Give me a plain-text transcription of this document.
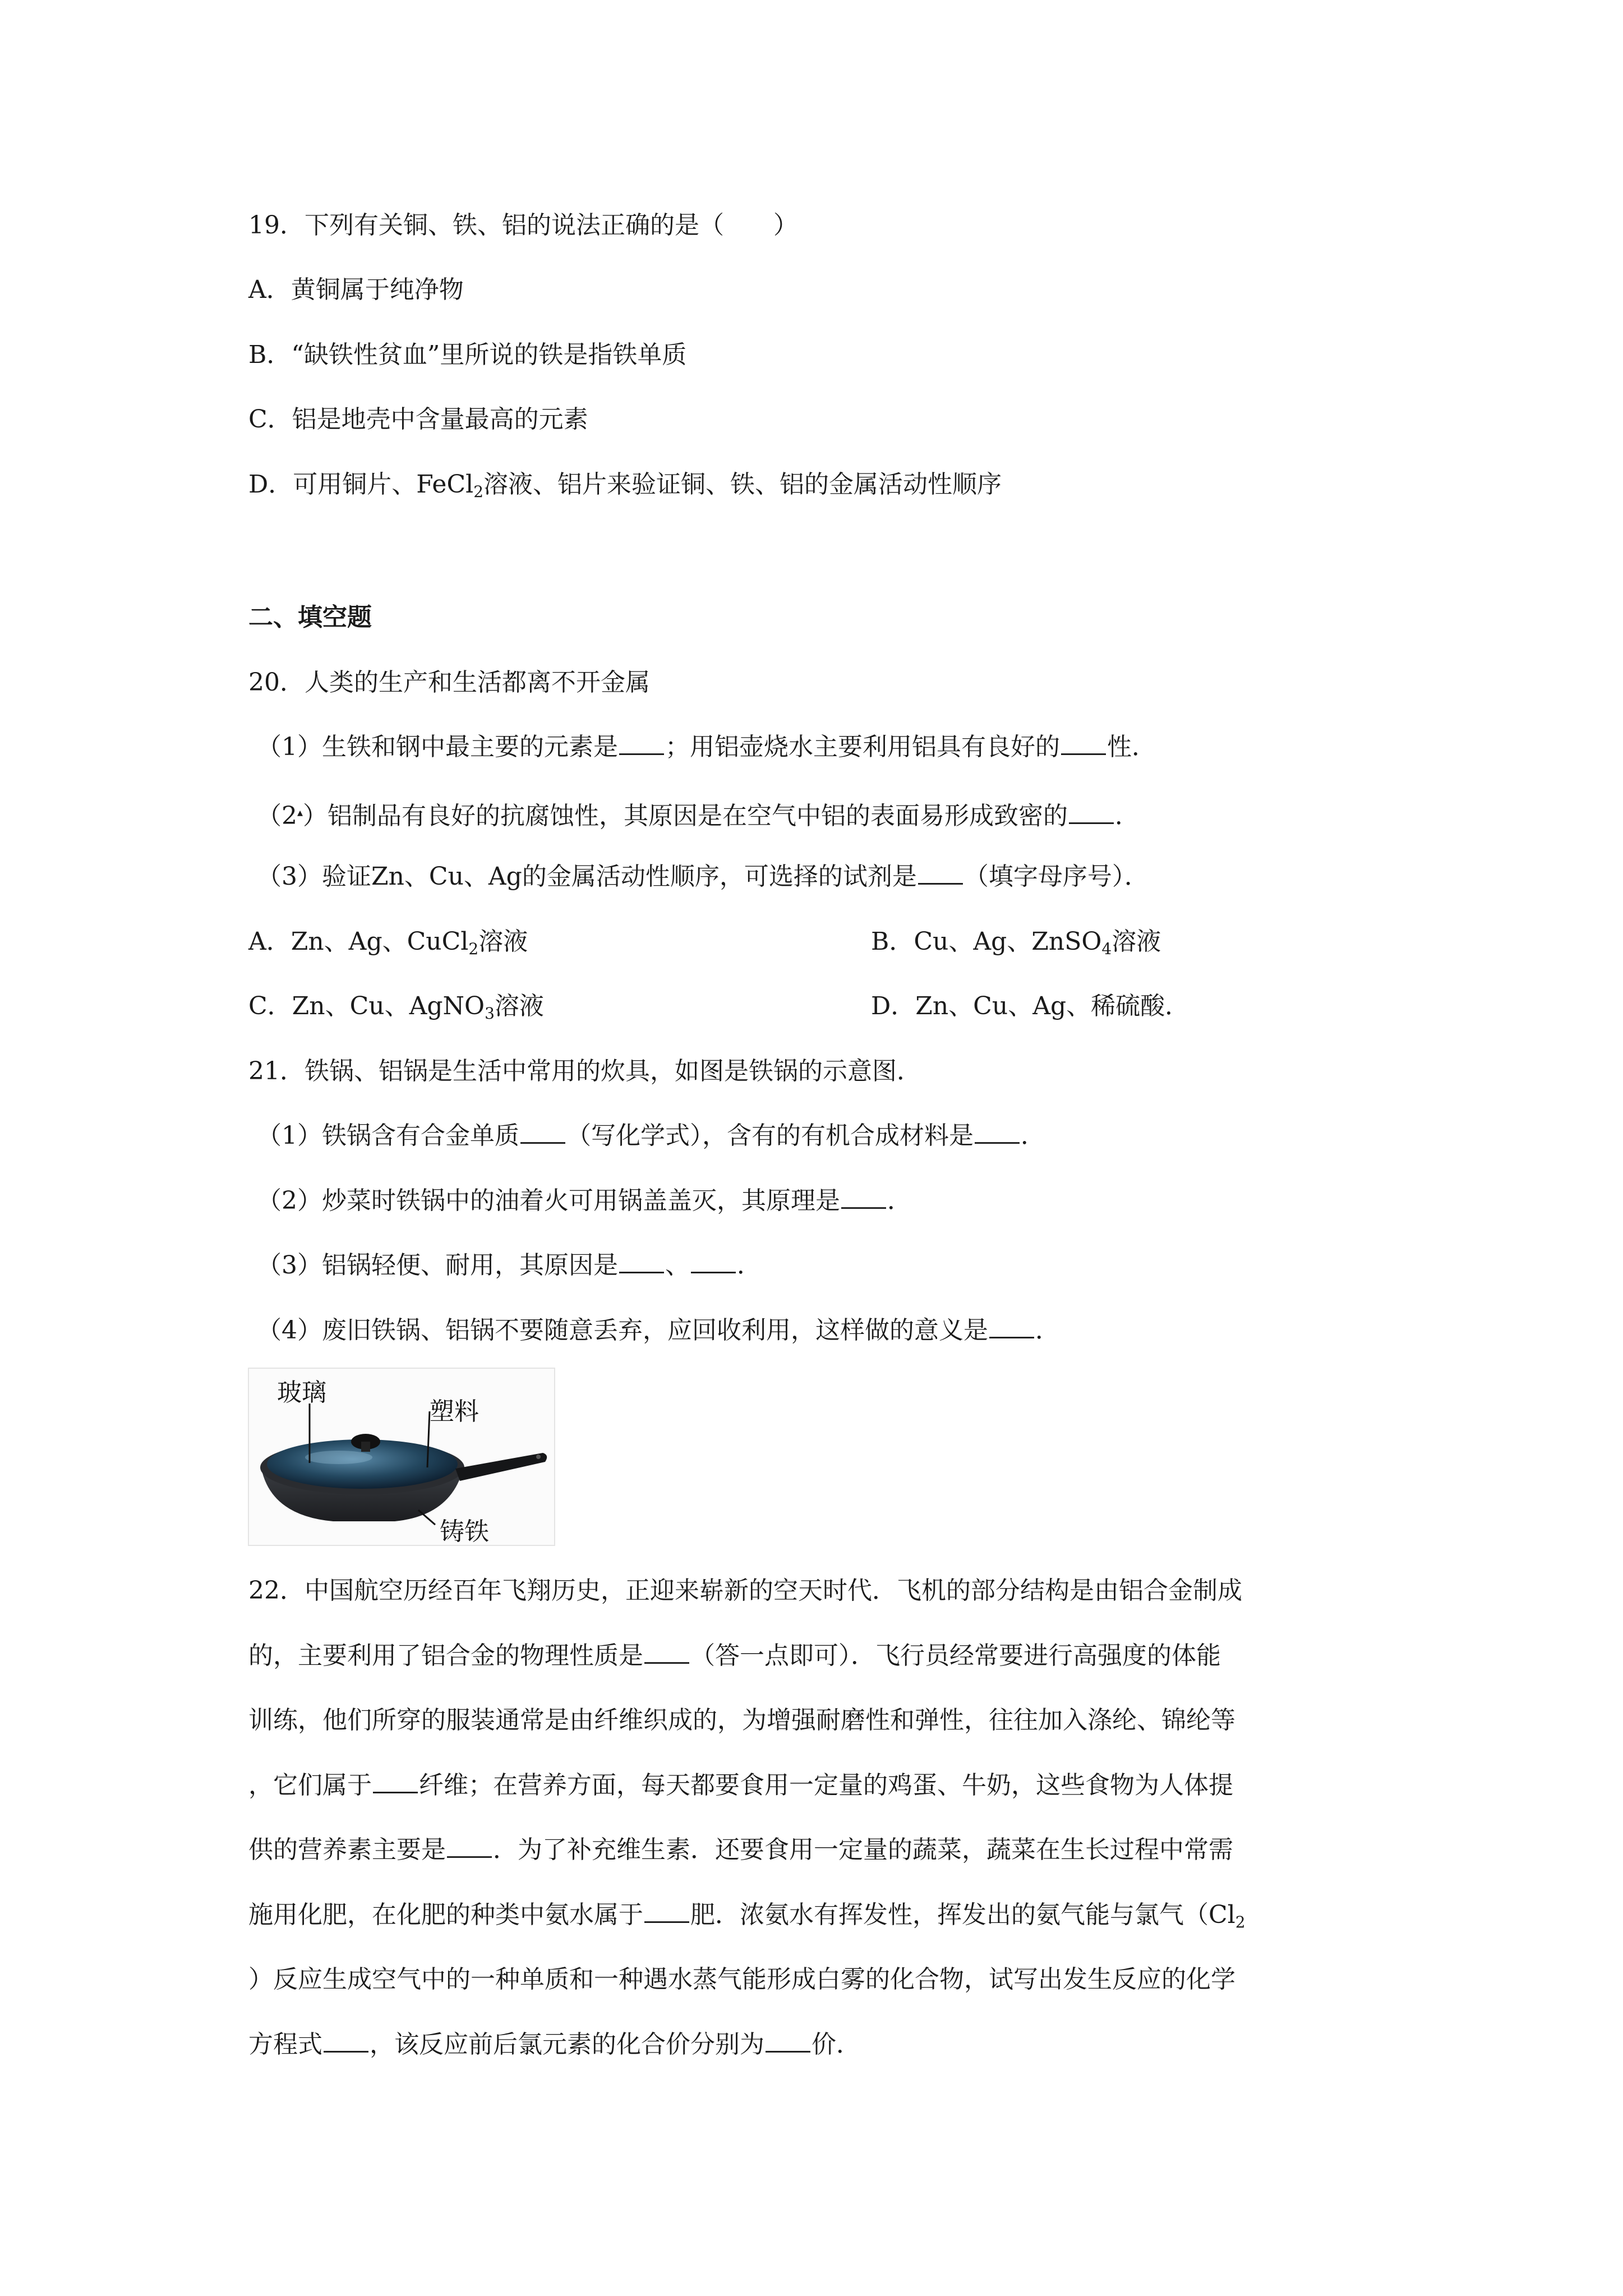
19．下列有关铜、铁、铝的说法正确的是（　　）

A．黄铜属于纯净物

B．“缺铁性贫血”里所说的铁是指铁单质

C．铝是地壳中含量最高的元素

D．可用铜片、FeCl$_2$溶液、铝片来验证铜、铁、铝的金属活动性顺序

二、填空题

20．人类的生产和生活都离不开金属

（1）生铁和钢中最主要的元素是 ；用铝壶烧水主要利用铝具有良好的 性．

（2▴）铝制品有良好的抗腐蚀性，其原因是在空气中铝的表面易形成致密的 ．

（3）验证Zn、Cu、Ag的金属活动性顺序，可选择的试剂是 （填字母序号）．

A．Zn、Ag、CuCl$_2$溶液	B．Cu、Ag、ZnSO$_4$溶液
C．Zn、Cu、AgNO$_3$溶液	D．Zn、Cu、Ag、稀硫酸．

21．铁锅、铝锅是生活中常用的炊具，如图是铁锅的示意图．

（1）铁锅含有合金单质 （写化学式），含有的有机合成材料是 ．

（2）炒菜时铁锅中的油着火可用锅盖盖灭，其原理是 ．

（3）铝锅轻便、耐用，其原因是 、 ．

（4）废旧铁锅、铝锅不要随意丢弃，应回收利用，这样做的意义是 ．

玻璃
塑料
铸铁

22．中国航空历经百年飞翔历史，正迎来崭新的空天时代．飞机的部分结构是由铝合金制成

的，主要利用了铝合金的物理性质是 （答一点即可）．飞行员经常要进行高强度的体能

训练，他们所穿的服装通常是由纤维织成的，为增强耐磨性和弹性，往往加入涤纶、锦纶等

，它们属于 纤维；在营养方面，每天都要食用一定量的鸡蛋、牛奶，这些食物为人体提

供的营养素主要是 ．为了补充维生素．还要食用一定量的蔬菜，蔬菜在生长过程中常需

施用化肥，在化肥的种类中氨水属于 肥．浓氨水有挥发性，挥发出的氨气能与氯气（$Cl_2$

）反应生成空气中的一种单质和一种遇水蒸气能形成白雾的化合物，试写出发生反应的化学

方程式 ，该反应前后氯元素的化合价分别为 价．
